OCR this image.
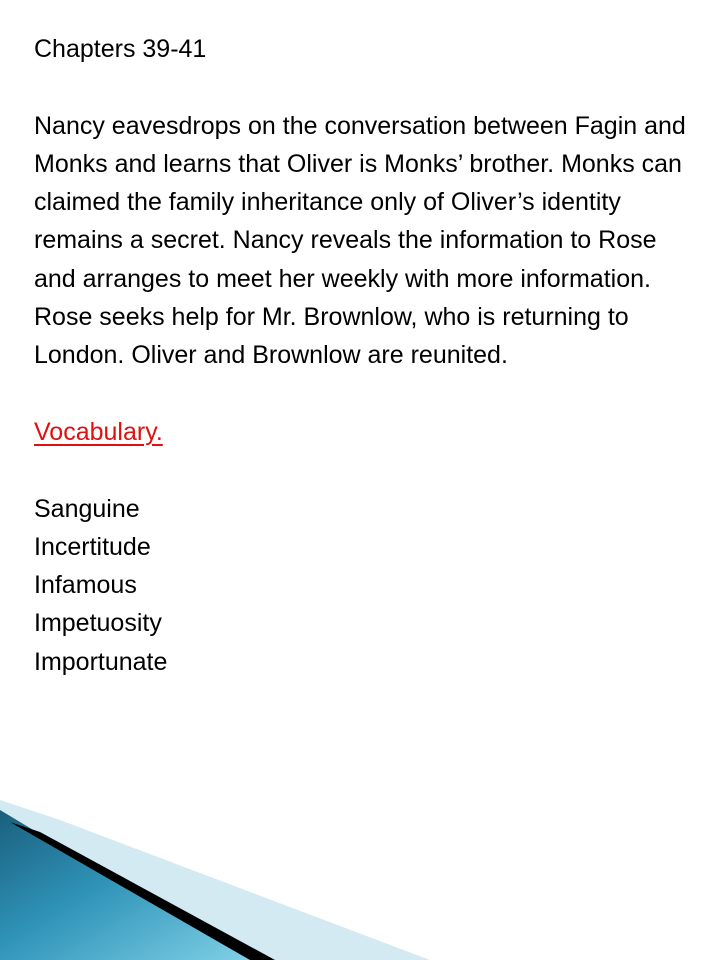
Chapters 39-41

Nancy eavesdrops on the conversation between Fagin and Monks and learns that Oliver is Monks’ brother. Monks can claimed the family inheritance only of Oliver’s identity remains a secret. Nancy reveals the information to Rose and arranges to meet her weekly with more information. Rose seeks help for Mr. Brownlow, who is returning to London. Oliver and Brownlow are reunited.

Vocabulary.

Sanguine

Incertitude

Infamous

Impetuosity

Importunate
